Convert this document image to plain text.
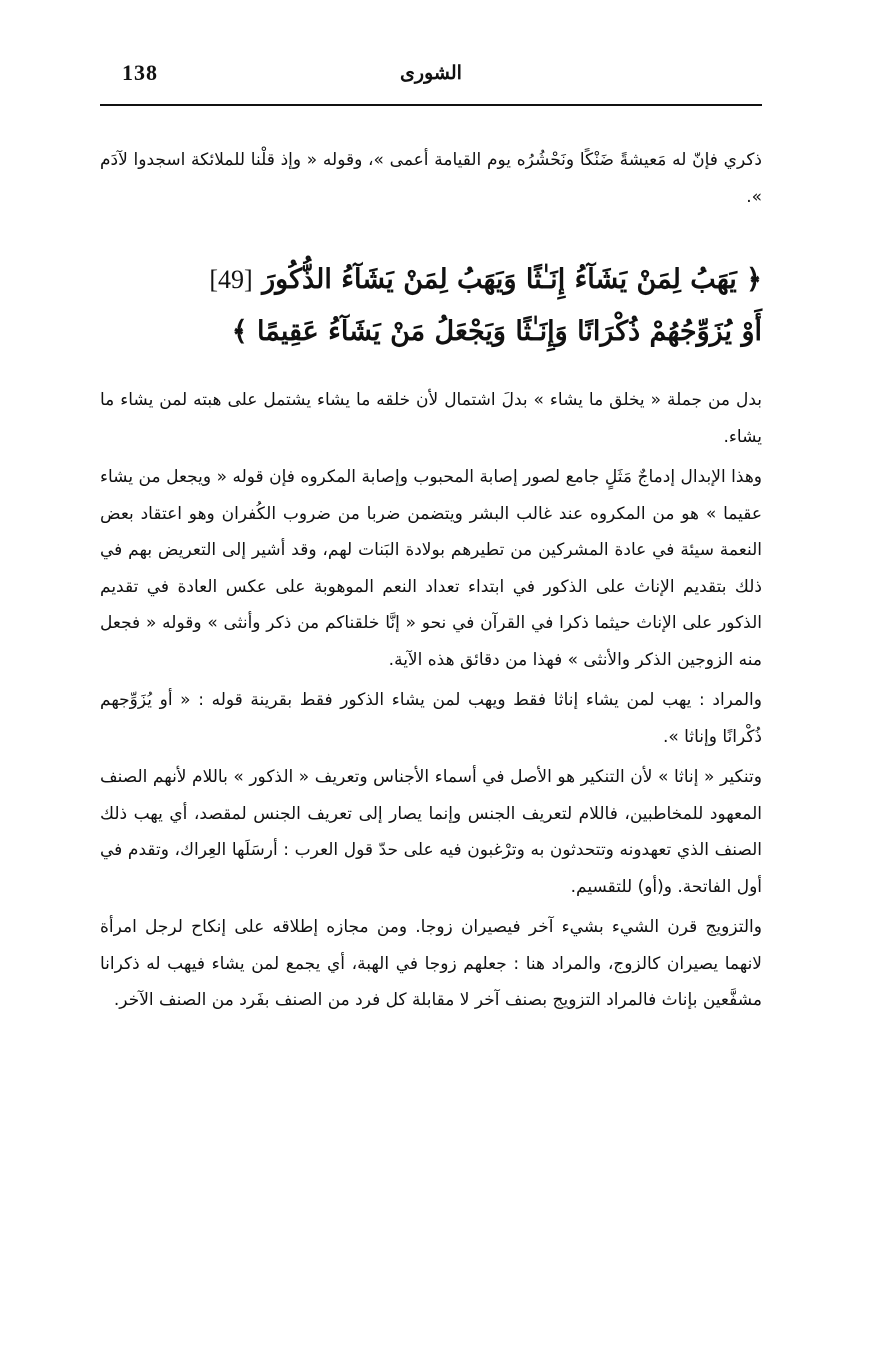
138	الشورى

ذكري فإنّ له مَعيشةً ضَنْكًا ونَحْشُرُه يوم القيامة أعمى »، وقوله « وإذ قلْنا للملائكة اسجدوا لآدَم ».

﴿ يَهَبُ لِمَنْ يَشَآءُ إِنَـٰثًا وَيَهَبُ لِمَنْ يَشَآءُ الذُّكُورَ [49]
أَوْ يُزَوِّجُهُمْ ذُكْرَانًا وَإِنَـٰثًا وَيَجْعَلُ مَنْ يَشَآءُ عَقِيمًا ﴾

بدل من جملة « يخلق ما يشاء » بدلَ اشتمال لأن خلقه ما يشاء يشتمل على هبته لمن يشاء ما يشاء.

وهذا الإبدال إدماجٌ مَثَلٍ جامع لصور إصابة المحبوب وإصابة المكروه فإن قوله « ويجعل من يشاء عقيما » هو من المكروه عند غالب البشر ويتضمن ضربا من ضروب الكُفران وهو اعتقاد بعض النعمة سيئة في عادة المشركين من تطيرهم بولادة البَنات لهم، وقد أشير إلى التعريض بهم في ذلك بتقديم الإناث على الذكور في ابتداء تعداد النعم الموهوبة على عكس العادة في تقديم الذكور على الإناث حيثما ذكرا في القرآن في نحو « إنَّا خلقناكم من ذكر وأنثى » وقوله « فجعل منه الزوجين الذكر والأنثى » فهذا من دقائق هذه الآية.

والمراد : يهب لمن يشاء إناثا فقط ويهب لمن يشاء الذكور فقط بقرينة قوله : « أو يُزَوِّجهم ذُكْرانًا وإناثا ».

وتنكير « إناثا » لأن التنكير هو الأصل في أسماء الأجناس وتعريف « الذكور » باللام لأنهم الصنف المعهود للمخاطبين، فاللام لتعريف الجنس وإنما يصار إلى تعريف الجنس لمقصد، أي يهب ذلك الصنف الذي تعهدونه وتتحدثون به وترْغبون فيه على حدّ قول العرب : أرسَلَها العِراك، وتقدم في أول الفاتحة. و(أو) للتقسيم.

والتزويج قرن الشيء بشيء آخر فيصيران زوجا. ومن مجازه إطلاقه على إنكاح لرجل امرأة لانهما يصيران كالزوج، والمراد هنا : جعلهم زوجا في الهبة، أي يجمع لمن يشاء فيهب له ذكرانا مشفَّعين بإناث فالمراد التزويج بصنف آخر لا مقابلة كل فرد من الصنف بفَرد من الصنف الآخر.
